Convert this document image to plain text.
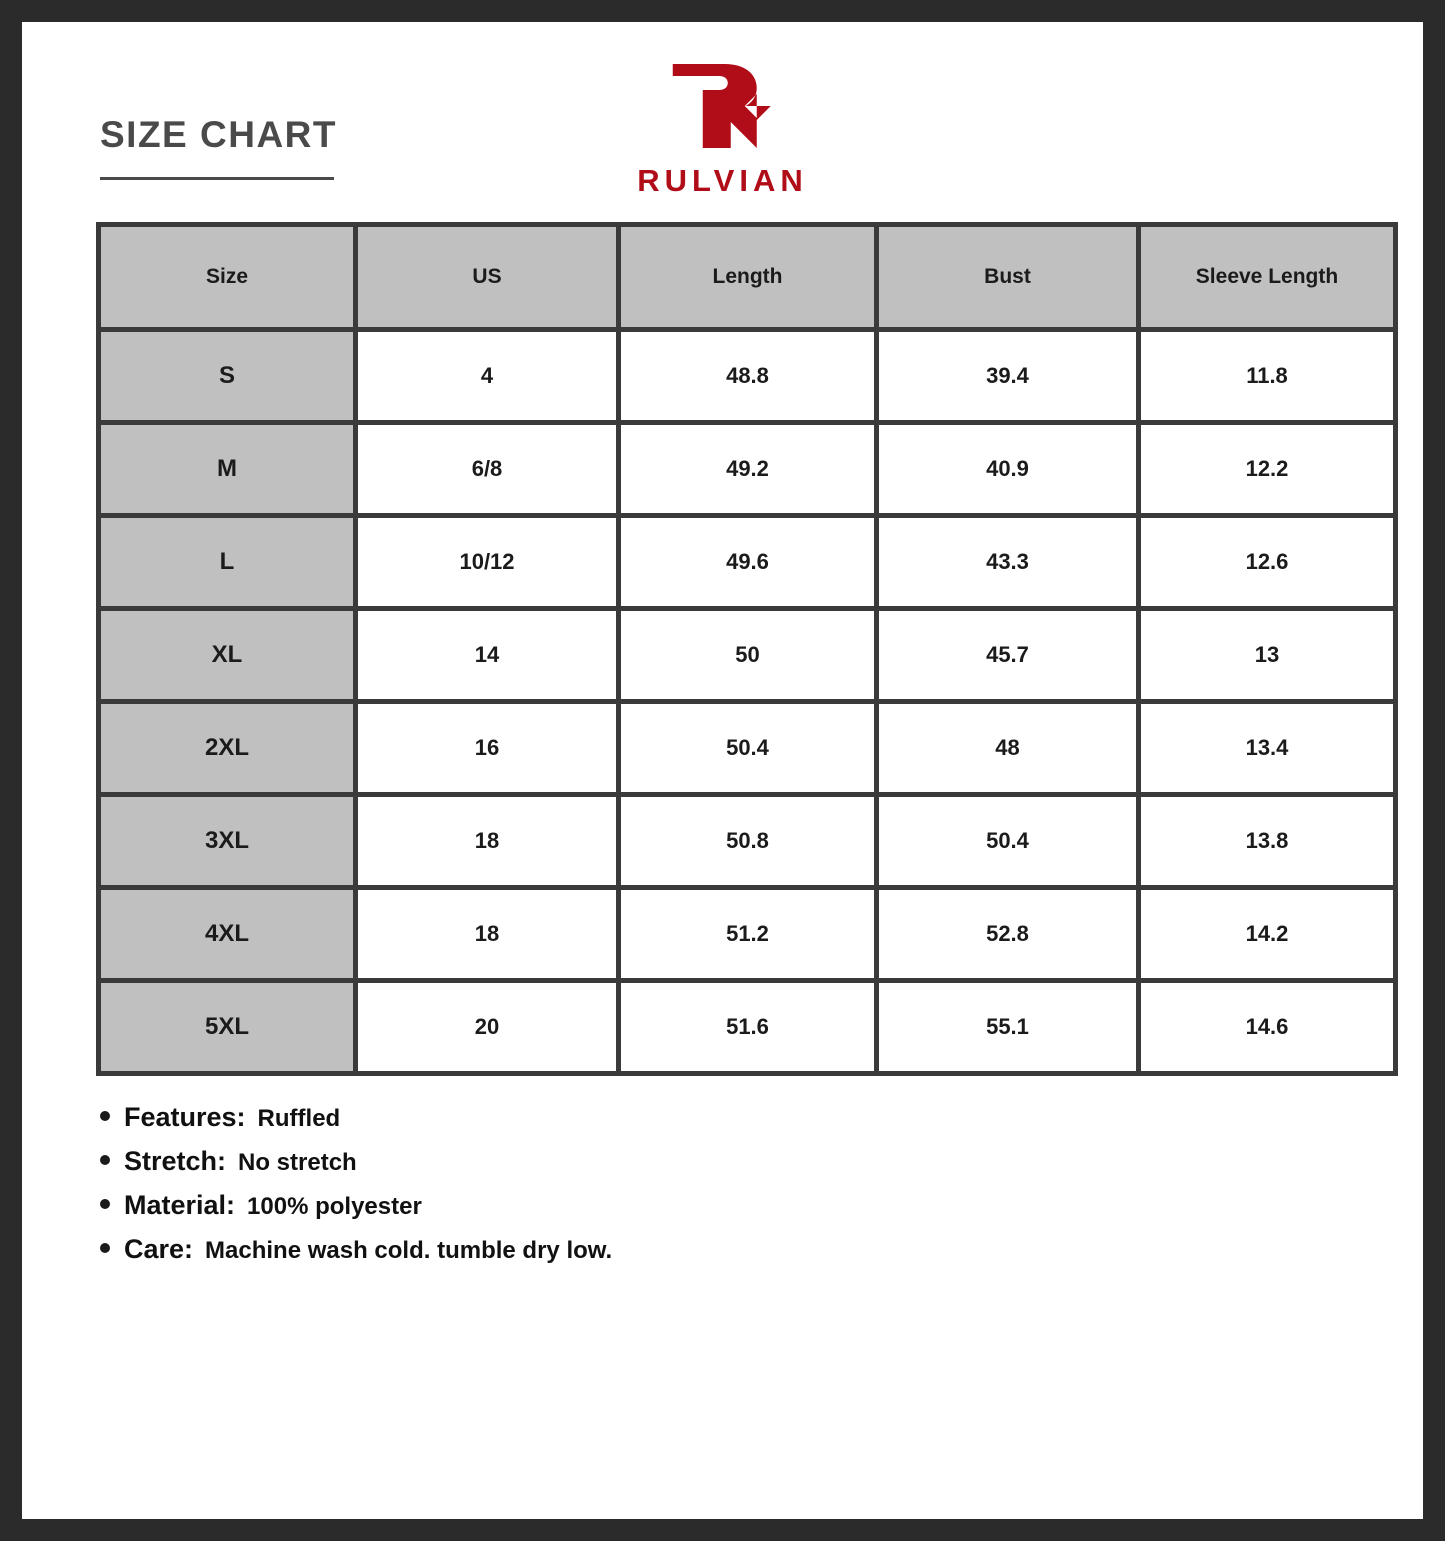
SIZE CHART
RULVIAN
Size	US	Length	Bust	Sleeve Length
S	4	48.8	39.4	11.8
M	6/8	49.2	40.9	12.2
L	10/12	49.6	43.3	12.6
XL	14	50	45.7	13
2XL	16	50.4	48	13.4
3XL	18	50.8	50.4	13.8
4XL	18	51.2	52.8	14.2
5XL	20	51.6	55.1	14.6
Features: Ruffled
Stretch: No stretch
Material: 100% polyester
Care: Machine wash cold. tumble dry low.
